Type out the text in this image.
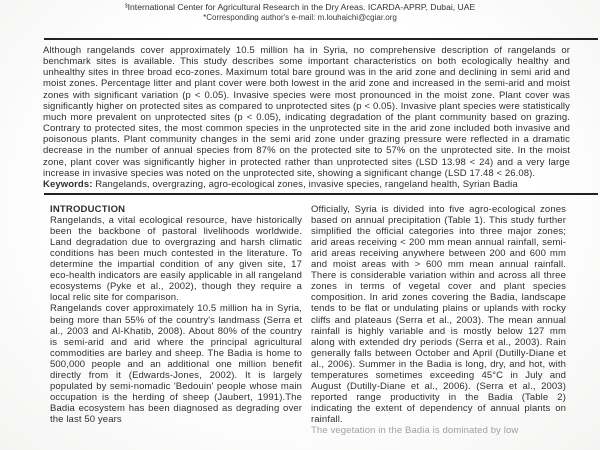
³International Center for Agricultural Research in the Dry Areas. ICARDA-APRP, Dubai, UAE
*Corresponding author's e-mail: m.louhaichi@cgiar.org

Although rangelands cover approximately 10.5 million ha in Syria, no comprehensive description of rangelands or benchmark sites is available. This study describes some important characteristics on both ecologically healthy and unhealthy sites in three broad eco-zones. Maximum total bare ground was in the arid zone and declining in semi arid and moist zones. Percentage litter and plant cover were both lowest in the arid zone and increased in the semi-arid and moist zones with significant variation (p < 0.05). Invasive species were most pronounced in the moist zone. Plant cover was significantly higher on protected sites as compared to unprotected sites (p < 0.05). Invasive plant species were statistically much more prevalent on unprotected sites (p < 0.05), indicating degradation of the plant community based on grazing. Contrary to protected sites, the most common species in the unprotected site in the arid zone included both invasive and poisonous plants. Plant community changes in the semi arid zone under grazing pressure were reflected in a dramatic decrease in the number of annual species from 87% on the protected site to 57% on the unprotected site. In the moist zone, plant cover was significantly higher in protected rather than unprotected sites (LSD 13.98 < 24) and a very large increase in invasive species was noted on the unprotected site, showing a significant change (LSD 17.48 < 26.08).

Keywords: Rangelands, overgrazing, agro-ecological zones, invasive species, rangeland health, Syrian Badia

INTRODUCTION

Rangelands, a vital ecological resource, have historically been the backbone of pastoral livelihoods worldwide. Land degradation due to overgrazing and harsh climatic conditions has been much contested in the literature. To determine the impartial condition of any given site, 17 eco-health indicators are easily applicable in all rangeland ecosystems (Pyke et al., 2002), though they require a local relic site for comparison.

Rangelands cover approximately 10.5 million ha in Syria, being more than 55% of the country's landmass (Serra et al., 2003 and Al-Khatib, 2008). About 80% of the country is semi-arid and arid where the principal agricultural commodities are barley and sheep. The Badia is home to 500,000 people and an additional one million benefit directly from it (Edwards-Jones, 2002). It is largely populated by semi-nomadic 'Bedouin' people whose main occupation is the herding of sheep (Jaubert, 1991).The Badia ecosystem has been diagnosed as degrading over the last 50 years

Officially, Syria is divided into five agro-ecological zones based on annual precipitation (Table 1). This study further simplified the official categories into three major zones; arid areas receiving < 200 mm mean annual rainfall, semi-arid areas receiving anywhere between 200 and 600 mm and moist areas with > 600 mm mean annual rainfall. There is considerable variation within and across all three zones in terms of vegetal cover and plant species composition. In arid zones covering the Badia, landscape tends to be flat or undulating plains or uplands with rocky cliffs and plateaus (Serra et al., 2003). The mean annual rainfall is highly variable and is mostly below 127 mm along with extended dry periods (Serra et al., 2003). Rain generally falls between October and April (Dutilly-Diane et al., 2006). Summer in the Badia is long, dry, and hot, with temperatures sometimes exceeding 45°C in July and August (Dutilly-Diane et al., 2006). (Serra et al., 2003) reported range productivity in the Badia (Table 2) indicating the extent of dependency of annual plants on rainfall.

The vegetation in the Badia is dominated by low
